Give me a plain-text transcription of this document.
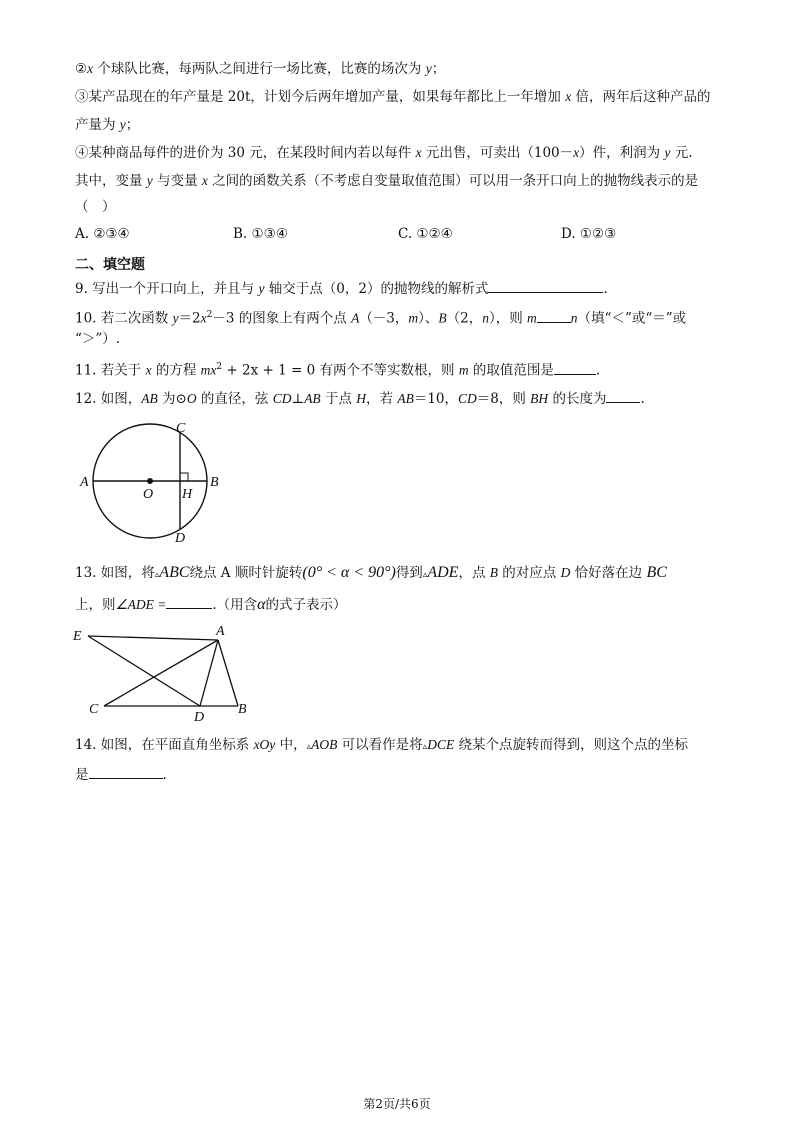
②x 个球队比赛，每两队之间进行一场比赛，比赛的场次为 y；
③某产品现在的年产量是 20t，计划今后两年增加产量，如果每年都比上一年增加 x 倍，两年后这种产品的
产量为 y；
④某种商品每件的进价为 30 元，在某段时间内若以每件 x 元出售，可卖出（100－x）件，利润为 y 元.
其中，变量 y 与变量 x 之间的函数关系（不考虑自变量取值范围）可以用一条开口向上的抛物线表示的是
（　）
A. ②③④	B. ①③④	C. ①②④	D. ①②③
二、填空题
9. 写出一个开口向上，并且与 y 轴交于点（0，2）的抛物线的解析式	.
10. 若二次函数 $y=2x^2-3$ 的图象上有两个点 A（－3，m）、B（2，n），则 m	n（填“＜”或“＝”或
“＞”）.
11. 若关于 x 的方程 $mx^2 + 2x + 1 = 0$ 有两个不等实数根，则 m 的取值范围是	.
12. 如图，AB 为⊙O 的直径，弦 CD⊥AB 于点 H，若 AB＝10，CD＝8，则 BH 的长度为	.
A	B
C
D
O H
13. 如图，将▵ABC绕点 A 顺时针旋转(0° < α < 90°)得到▵ADE，点 B 的对应点 D 恰好落在边 BC
上，则∠ADE =	.（用含α的式子表示）
E	A
C
D
B
14. 如图，在平面直角坐标系 xOy 中，▵AOB 可以看作是将▵DCE 绕某个点旋转而得到，则这个点的坐标
是	.
第2页/共6页
